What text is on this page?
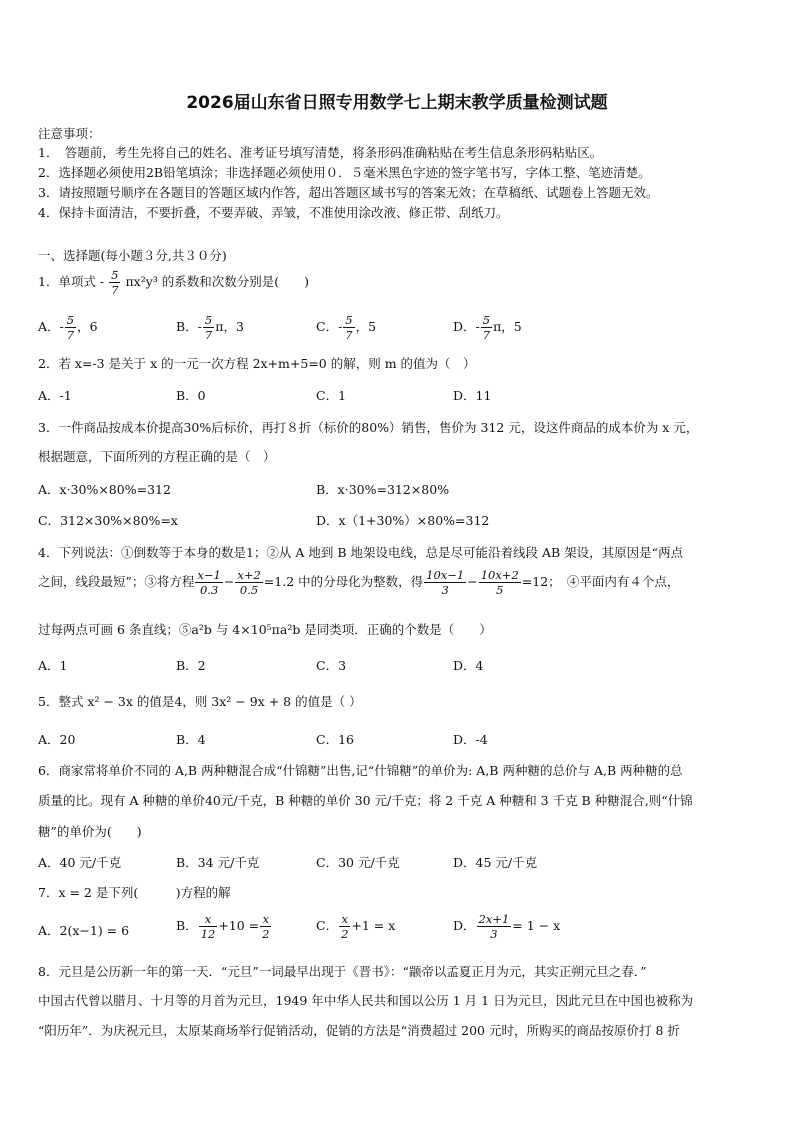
2026届山东省日照专用数学七上期末教学质量检测试题
注意事项：
1．　答题前，考生先将自己的姓名、准考证号填写清楚，将条形码准确粘贴在考生信息条形码粘贴区。
2．选择题必须使用2B铅笔填涂；非选择题必须使用０．５毫米黑色字迹的签字笔书写，字体工整、笔迹清楚。
3．请按照题号顺序在各题目的答题区域内作答，超出答题区域书写的答案无效；在草稿纸、试题卷上答题无效。
4．保持卡面清洁，不要折叠，不要弄破、弄皱，不准使用涂改液、修正带、刮纸刀。
一、选择题(每小题３分,共３０分)
1．单项式 - $\frac{5}{7} \pi x^2y^3$ 的系数和次数分别是(　　)
A．- $\frac{5}{7}$ ，6	B．- $\frac{5}{7}$ π，3	C．- $\frac{5}{7}$ ，5	D．- $\frac{5}{7}$ π，5
2．若 x=-3 是关于 x 的一元一次方程 2x+m+5=0 的解，则 m 的值为（　）
A．-1	B．0	C．1	D．11
3．一件商品按成本价提高30%后标价，再打８折（标价的80%）销售，售价为 312 元，设这件商品的成本价为 x 元，
根据题意，下面所列的方程正确的是（　）
A．x·30%×80%=312	B．x·30%=312×80%
C．312×30%×80%=x	D．x（1+30%）×80%=312
4．下列说法：①倒数等于本身的数是1；②从 A 地到 B 地架设电线，总是尽可能沿着线段 AB 架设，其原因是“两点
之间，线段最短”；③将方程 $\frac{x-1}{0.3} - \frac{x+2}{0.5} =1.2$ 中的分母化为整数，得 $\frac{10x-1}{3} - \frac{10x+2}{5} =12$；　④平面内有４个点，
过每两点可画 6 条直线；⑤a²b 与 4×10⁵πa²b 是同类项．正确的个数是（　　）
A．1	B．2	C．3	D．4
5．整式 x² − 3x 的值是4，则 3x² − 9x + 8 的值是（ ）
A．20	B．4	C．16	D．-4
6．商家常将单价不同的 A,B 两种糖混合成“什锦糖”出售,记“什锦糖”的单价为: A,B 两种糖的总价与 A,B 两种糖的总
质量的比。现有 A 种糖的单价40元/千克，B 种糖的单价 30 元/千克；将 2 千克 A 种糖和 3 千克 B 种糖混合,则“什锦
糖”的单价为(　　)
A．40 元/千克	B．34 元/千克	C．30 元/千克	D．45 元/千克
7．x = 2 是下列(　　　)方程的解
A．2(x−1) = 6	B． $\frac{x}{12} +10 = \frac{x}{2}$	C． $\frac{x}{2} +1 = x$	D． $\frac{2x+1}{3} = 1 - x$
8．元旦是公历新一年的第一天．“元旦”一词最早出现于《晋书》：“颛帝以孟夏正月为元，其实正朔元旦之春．”
中国古代曾以腊月、十月等的月首为元旦，1949 年中华人民共和国以公历 1 月 1 日为元旦，因此元旦在中国也被称为
“阳历年”．为庆祝元旦，太原某商场举行促销活动，促销的方法是“消费超过 200 元时，所购买的商品按原价打 8 折
